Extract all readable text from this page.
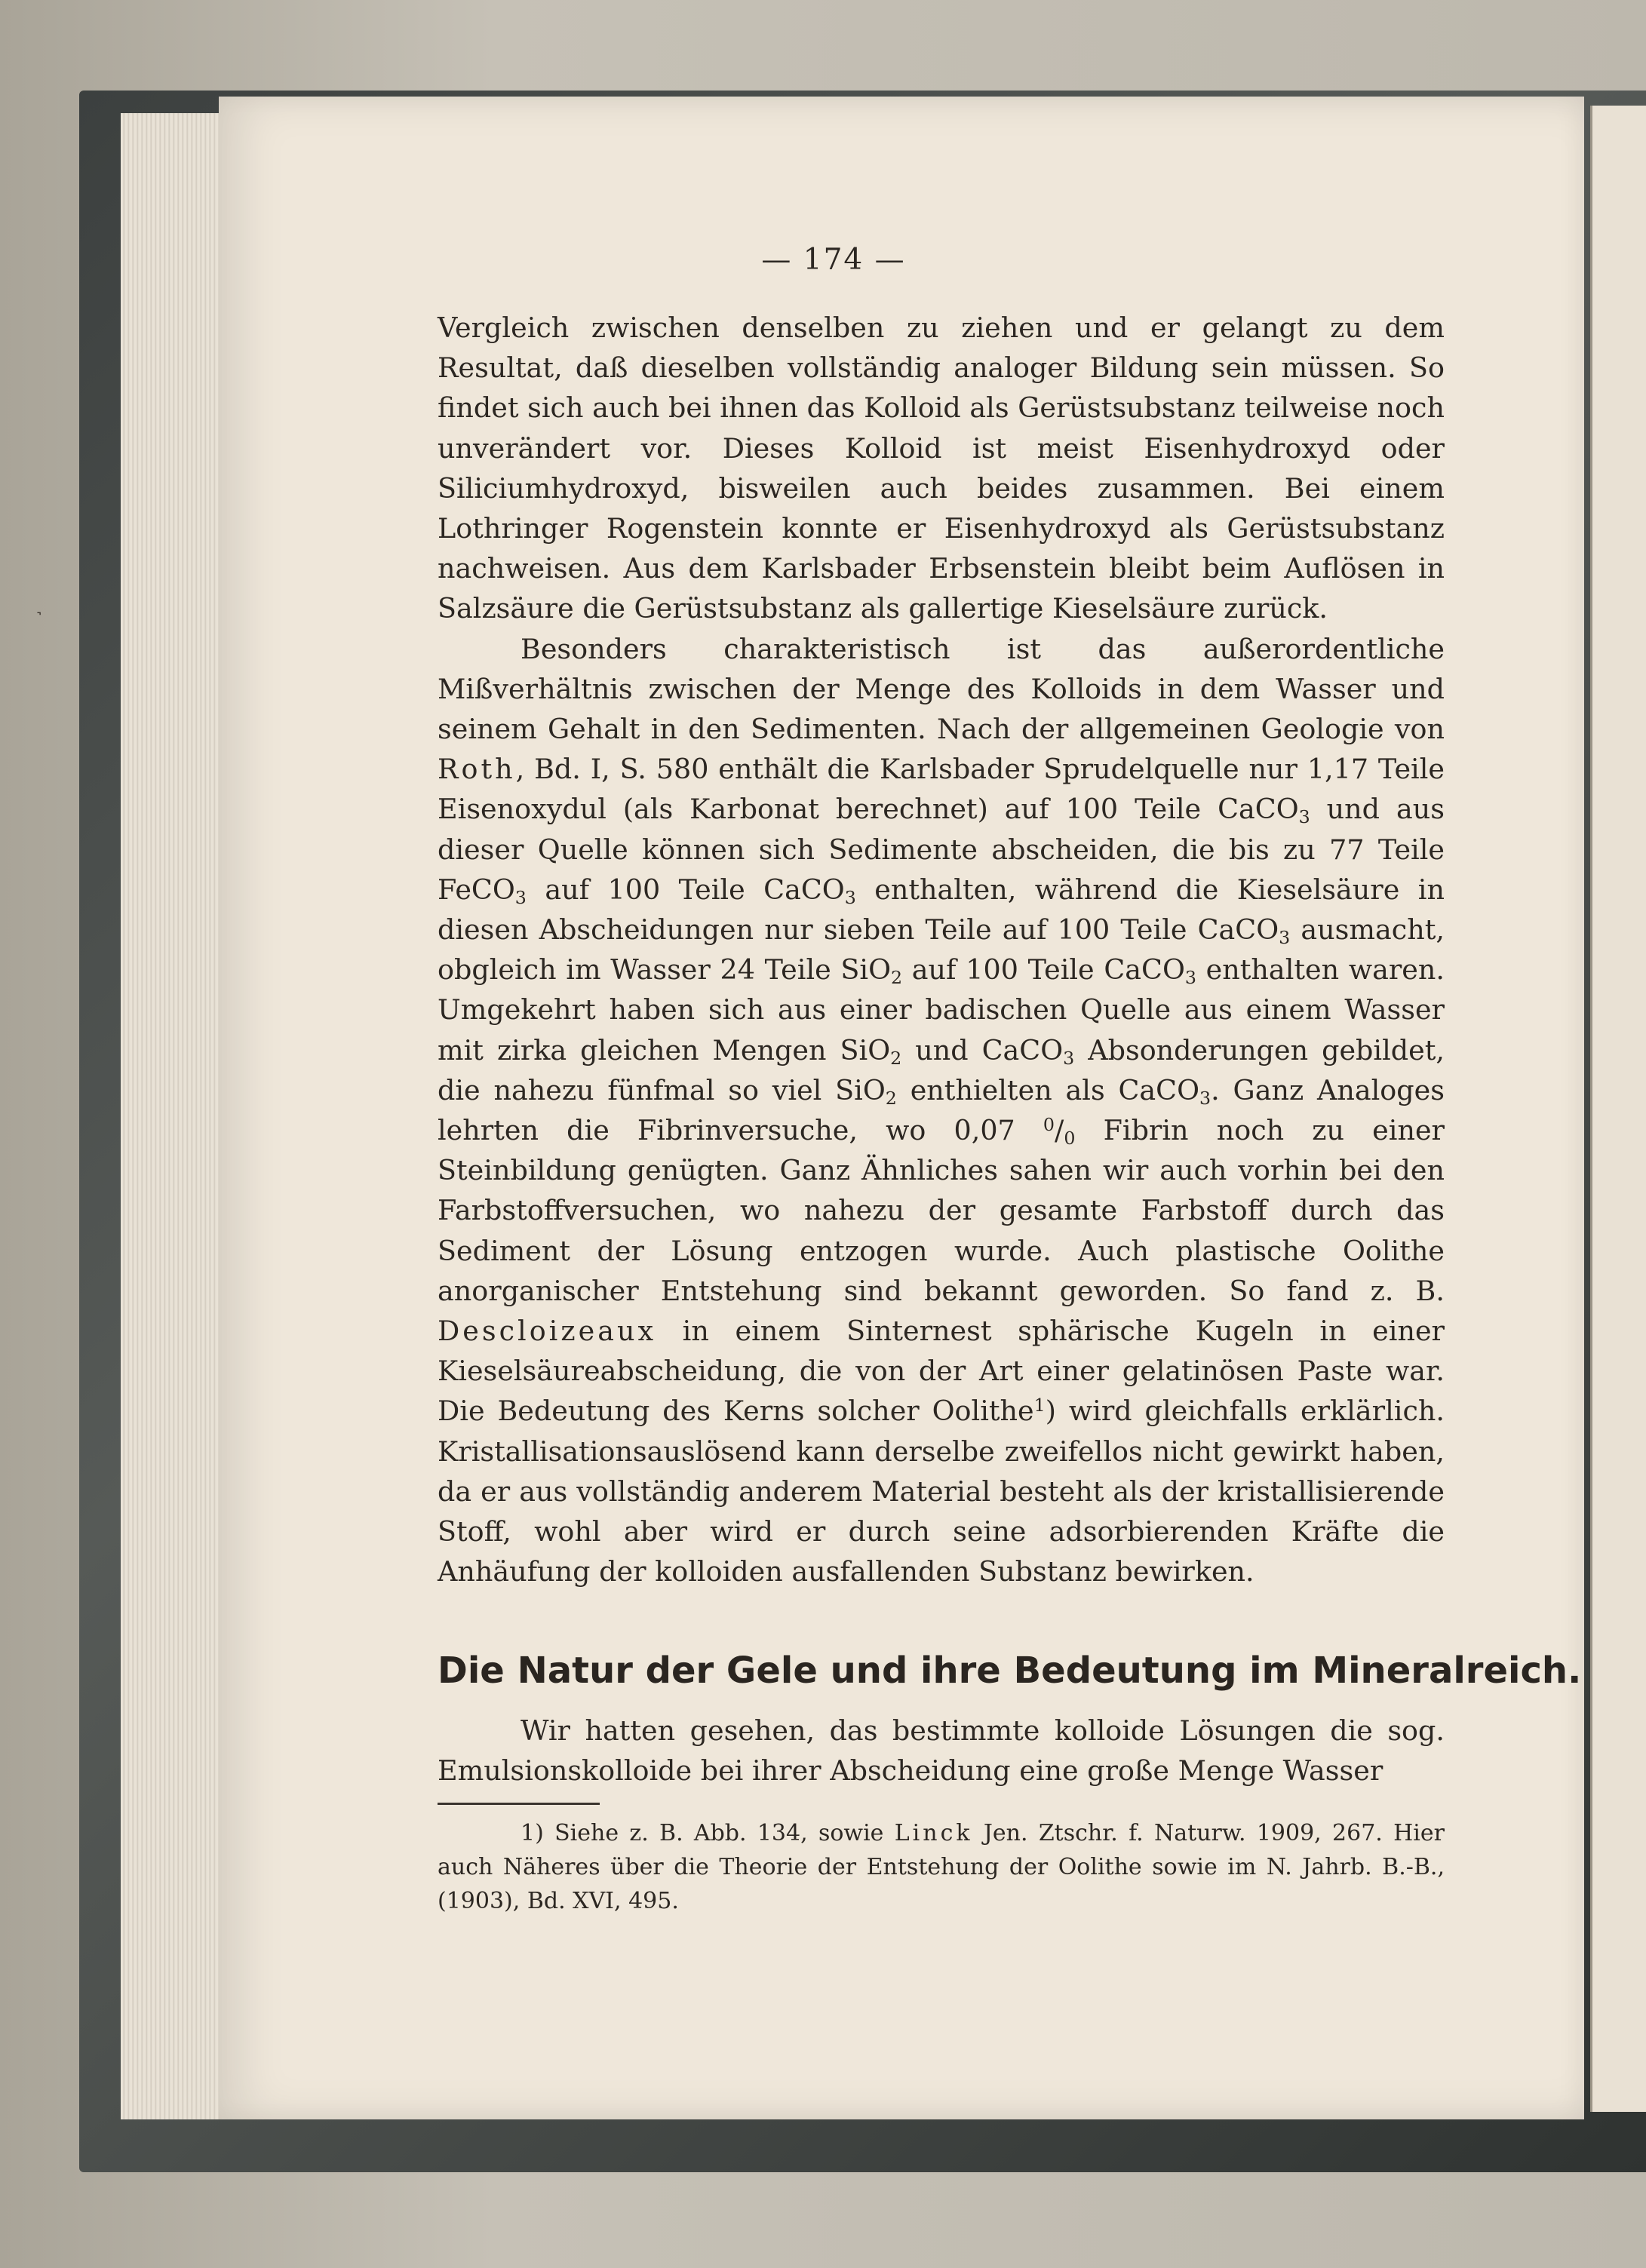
˺
— 174 —

Vergleich zwischen denselben zu ziehen und er gelangt zu dem Resultat, daß dieselben vollständig analoger Bildung sein müssen. So findet sich auch bei ihnen das Kolloid als Gerüstsubstanz teilweise noch unverändert vor. Dieses Kolloid ist meist Eisenhydroxyd oder Siliciumhydroxyd, bisweilen auch beides zusammen. Bei einem Lothringer Rogenstein konnte er Eisenhydroxyd als Gerüstsubstanz nachweisen. Aus dem Karlsbader Erbsenstein bleibt beim Auflösen in Salzsäure die Gerüstsubstanz als gallertige Kieselsäure zurück.

Besonders charakteristisch ist das außerordentliche Mißverhältnis zwischen der Menge des Kolloids in dem Wasser und seinem Gehalt in den Sedimenten. Nach der allgemeinen Geologie von Roth, Bd. I, S. 580 enthält die Karlsbader Sprudelquelle nur 1,17 Teile Eisenoxydul (als Karbonat berechnet) auf 100 Teile CaCO$_3$ und aus dieser Quelle können sich Sedimente abscheiden, die bis zu 77 Teile FeCO$_3$ auf 100 Teile CaCO$_3$ enthalten, während die Kieselsäure in diesen Abscheidungen nur sieben Teile auf 100 Teile CaCO$_3$ ausmacht, obgleich im Wasser 24 Teile SiO$_2$ auf 100 Teile CaCO$_3$ enthalten waren. Umgekehrt haben sich aus einer badischen Quelle aus einem Wasser mit zirka gleichen Mengen SiO$_2$ und CaCO$_3$ Absonderungen gebildet, die nahezu fünfmal so viel SiO$_2$ enthielten als CaCO$_3$. Ganz Analoges lehrten die Fibrinversuche, wo 0,07 $^0/_0$ Fibrin noch zu einer Steinbildung genügten. Ganz Ähnliches sahen wir auch vorhin bei den Farbstoffversuchen, wo nahezu der gesamte Farbstoff durch das Sediment der Lösung entzogen wurde. Auch plastische Oolithe anorganischer Entstehung sind bekannt geworden. So fand z. B. Descloizeaux in einem Sinternest sphärische Kugeln in einer Kieselsäureabscheidung, die von der Art einer gelatinösen Paste war. Die Bedeutung des Kerns solcher Oolithe$^1$) wird gleichfalls erklärlich. Kristallisationsauslösend kann derselbe zweifellos nicht gewirkt haben, da er aus vollständig anderem Material besteht als der kristallisierende Stoff, wohl aber wird er durch seine adsorbierenden Kräfte die Anhäufung der kolloiden ausfallenden Substanz bewirken.

Die Natur der Gele und ihre Bedeutung im Mineralreich.

Wir hatten gesehen, das bestimmte kolloide Lösungen die sog. Emulsionskolloide bei ihrer Abscheidung eine große Menge Wasser

1) Siehe z. B. Abb. 134, sowie Linck Jen. Ztschr. f. Naturw. 1909, 267. Hier auch Näheres über die Theorie der Entstehung der Oolithe sowie im N. Jahrb. B.-B., (1903), Bd. XVI, 495.
